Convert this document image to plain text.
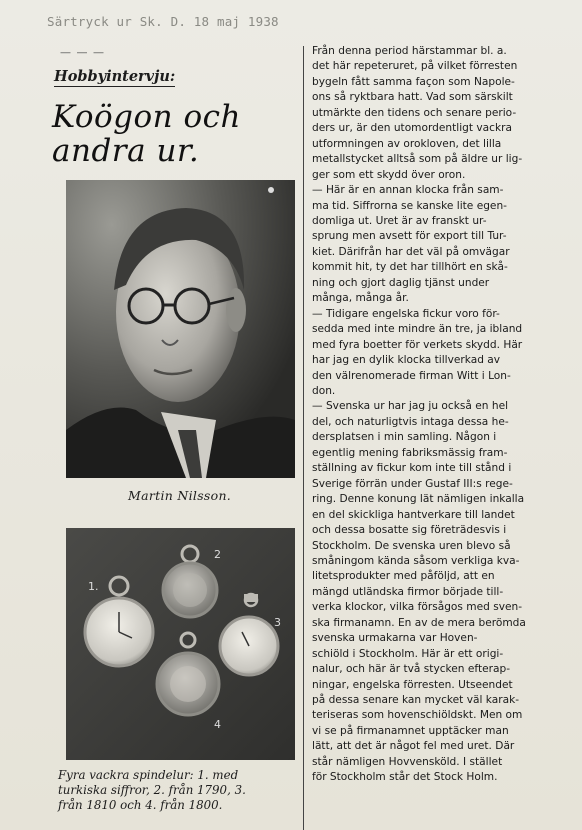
Särtryck ur Sk. D. 18 maj 1938
— — —
Hobbyintervju:
Koögon och
andra ur.
Martin Nilsson.
1.
2
3
4
Fyra vackra spindelur: 1. med
turkiska siffror, 2. från 1790, 3.
från 1810 och 4. från 1800.
Från denna period härstammar bl. a.
det här repeteruret, på vilket förresten
bygeln fått samma façon som Napole-
ons så ryktbara hatt. Vad som särskilt
utmärkte den tidens och senare perio-
ders ur, är den utomordentligt vackra
utformningen av orokloven, det lilla
metallstycket alltså som på äldre ur lig-
ger som ett skydd över oron.
— Här är en annan klocka från sam-
ma tid. Siffrorna se kanske lite egen-
domliga ut. Uret är av franskt ur-
sprung men avsett för export till Tur-
kiet. Därifrån har det väl på omvägar
kommit hit, ty det har tillhört en skå-
ning och gjort daglig tjänst under
många, många år.
— Tidigare engelska fickur voro för-
sedda med inte mindre än tre, ja ibland
med fyra boetter för verkets skydd. Här
har jag en dylik klocka tillverkad av
den välrenomerade firman Witt i Lon-
don.
— Svenska ur har jag ju också en hel
del, och naturligtvis intaga dessa he-
dersplatsen i min samling. Någon i
egentlig mening fabriksmässig fram-
ställning av fickur kom inte till stånd i
Sverige förrän under Gustaf III:s rege-
ring. Denne konung lät nämligen inkalla
en del skickliga hantverkare till landet
och dessa bosatte sig företrädesvis i
Stockholm. De svenska uren blevo så
småningom kända såsom verkliga kva-
litetsprodukter med påföljd, att en
mängd utländska firmor började till-
verka klockor, vilka försågos med sven-
ska firmanamn. En av de mera berömda
svenska urmakarna var Hoven-
schiöld i Stockholm. Här är ett origi-
nalur, och här är två stycken efterap-
ningar, engelska förresten. Utseendet
på dessa senare kan mycket väl karak-
teriseras som hovenschiöldskt. Men om
vi se på firmanamnet upptäcker man
lätt, att det är något fel med uret. Där
står nämligen Hovvensköld. I stället
för Stockholm står det Stock Holm.
